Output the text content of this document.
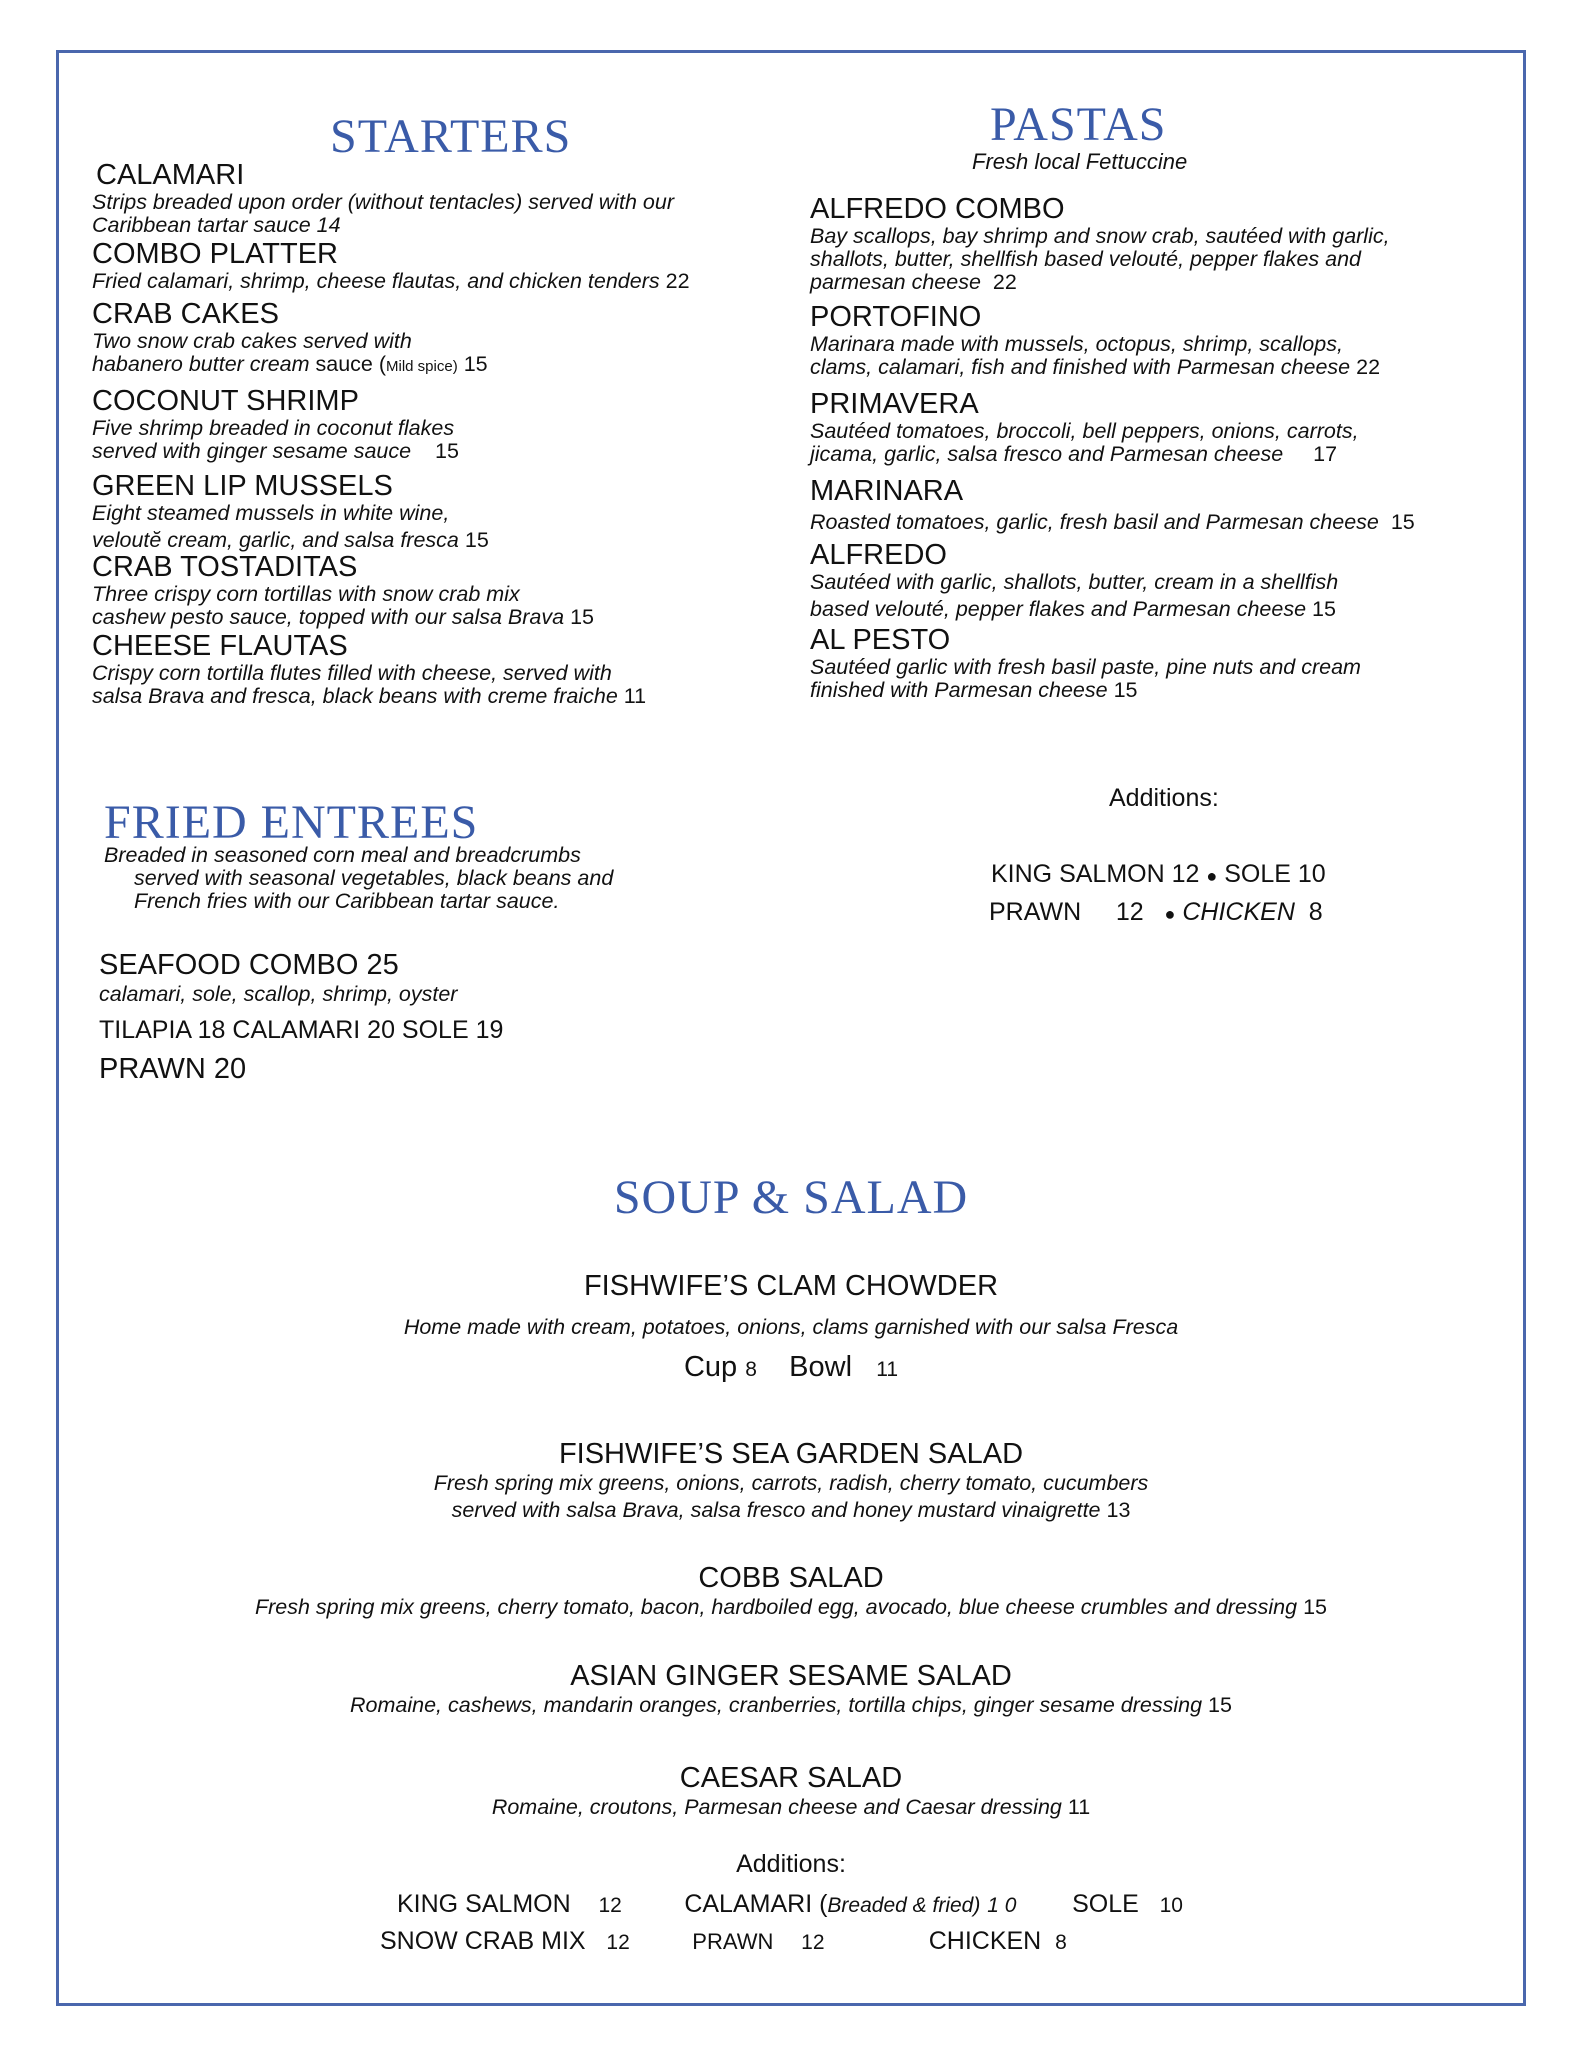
STARTERS
CALAMARI
Strips breaded upon order (without tentacles) served with our
Caribbean tartar sauce 14
COMBO PLATTER
Fried calamari, shrimp, cheese flautas, and chicken tenders 22
CRAB CAKES
Two snow crab cakes served with
habanero butter cream sauce (Mild spice) 15
COCONUT SHRIMP
Five shrimp breaded in coconut flakes
served with ginger sesame sauce 15
GREEN LIP MUSSELS
Eight steamed mussels in white wine,
veloutĕ cream, garlic, and salsa fresca 15
CRAB TOSTADITAS
Three crispy corn tortillas with snow crab mix
cashew pesto sauce, topped with our salsa Brava 15
CHEESE FLAUTAS
Crispy corn tortilla flutes filled with cheese, served with
salsa Brava and fresca, black beans with creme fraiche 11
PASTAS
Fresh local Fettuccine
ALFREDO COMBO
Bay scallops, bay shrimp and snow crab, sautéed with garlic,
shallots, butter, shellfish based velouté, pepper flakes and
parmesan cheese 22
PORTOFINO
Marinara made with mussels, octopus, shrimp, scallops,
clams, calamari, fish and finished with Parmesan cheese 22
PRIMAVERA
Sautéed tomatoes, broccoli, bell peppers, onions, carrots,
jicama, garlic, salsa fresco and Parmesan cheese 17
MARINARA
Roasted tomatoes, garlic, fresh basil and Parmesan cheese 15
ALFREDO
Sautéed with garlic, shallots, butter, cream in a shellfish
based velouté, pepper flakes and Parmesan cheese 15
AL PESTO
Sautéed garlic with fresh basil paste, pine nuts and cream
finished with Parmesan cheese 15
Additions:
KING SALMON 12 ● SOLE 10
PRAWN 12 ● CHICKEN 8
FRIED ENTREES
Breaded in seasoned corn meal and breadcrumbs
served with seasonal vegetables, black beans and
French fries with our Caribbean tartar sauce.
SEAFOOD COMBO 25
calamari, sole, scallop, shrimp, oyster
TILAPIA 18 CALAMARI 20 SOLE 19
PRAWN 20
SOUP & SALAD
FISHWIFE’S CLAM CHOWDER
Home made with cream, potatoes, onions, clams garnished with our salsa Fresca
Cup 8 Bowl 11
FISHWIFE’S SEA GARDEN SALAD
Fresh spring mix greens, onions, carrots, radish, cherry tomato, cucumbers
served with salsa Brava, salsa fresco and honey mustard vinaigrette 13
COBB SALAD
Fresh spring mix greens, cherry tomato, bacon, hardboiled egg, avocado, blue cheese crumbles and dressing 15
ASIAN GINGER SESAME SALAD
Romaine, cashews, mandarin oranges, cranberries, tortilla chips, ginger sesame dressing 15
CAESAR SALAD
Romaine, croutons, Parmesan cheese and Caesar dressing 11
Additions:
KING SALMON 12	CALAMARI (Breaded & fried) 1 0 SOLE 10
SNOW CRAB MIX 12	PRAWN 12	CHICKEN 8
